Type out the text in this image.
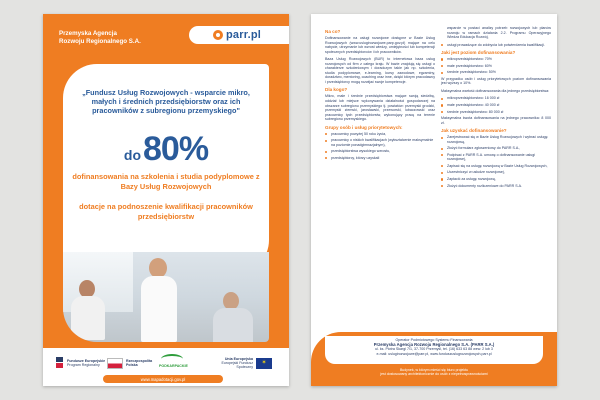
Przemyska Agencja
Rozwoju Regionalnego S.A.
parr.pl
„Fundusz Usług Rozwojowych - wsparcie mikro, małych i średnich przedsiębiorstw oraz ich pracowników z subregionu przemyskiego"
do80%
dofinansowania na szkolenia i studia podyplomowe z Bazy Usług Rozwojowych
dotacje na podnoszenie kwalifikacji pracowników przedsiębiorstw
Fundusze Europejskie
Program Regionalny
Rzeczpospolita Polska	PODKARPACKIE
Unia Europejska
Europejski Fundusz Społeczny
✶
www.mapadotacji.gov.pl
Na co?
Dofinansowanie na usługi rozwojowe dostępne w Bazie Usług Rozwojowych (www.uslugirozwojowe.parp.gov.pl) mające na celu nabycie, utrzymanie lub wzrost wiedzy, umiejętności lub kompetencji społecznych przedsiębiorców i ich pracowników.
Baza Usług Rozwojowych (BUR) to internetowa baza usług rozwojowych od firm z całego kraju. W bazie znajdują się usługi o charakterze szkoleniowym i doradczym takie jak np. szkolenia, studia podyplomowe, e-learning, kursy zawodowe, egzaminy, doradztwo, mentoring, coaching oraz inne, dzięki którym pracodawcy i przedsiębiorcy mogą rozwijać swoje kompetencje.
Dla kogo?
Mikro, małe i średnie przedsiębiorstwa mające swoją siedzibę, oddział lub miejsce wykonywania działalności gospodarczej na obszarze subregionu przemyskiego tj. powiatów: przemyski grodzki, przemyski ziemski, jarosławski, przeworski, lubaczowski oraz pracownicy tych przedsiębiorstw, wykonujący pracę na terenie subregionu przemyskiego.
Grupy osób i usług priorytetowych:
pracownicy powyżej 50 roku życia,
pracownicy o niskich kwalifikacjach (wykształcenie maksymalnie na poziomie ponadgimnazjalnym),
przedsiębiorstwa wysokiego wzrostu,
przedsiębiorcy, którzy uzyskali
wsparcie w postaci analizy potrzeb rozwojowych lub planów rozwoju w ramach działania 2.2. Programu Operacyjnego Wiedza Edukacja Rozwój,
usługi prowadzące do zdobycia lub potwierdzenia kwalifikacji.
Jaki jest poziom dofinansowania?
mikroprzedsiębiorstwo: 70%
małe przedsiębiorstwo: 60%
średnie przedsiębiorstwo: 50%
W przypadku osób i usług priorytetowych poziom dofinansowania jest wyższy o 10%.
Maksymalna wartość dofinansowania dla jednego przedsiębiorstwa:
mikroprzedsiębiorstwo: 16 000 zł
małe przedsiębiorstwo: 40 000 zł
średnie przedsiębiorstwo: 80 000 zł
Maksymalna kwota dofinansowania na jednego pracownika: 8 000 zł.
Jak uzyskać dofinansowanie?
Zarejestrować się w Bazie Usług Rozwojowych i wybrać usługę rozwojową,
Złożyć formularz zgłoszeniowy do PARR S.A.,
Podpisać z PARR S.A. umowę o dofinansowanie usługi rozwojowej,
Zapisać się na usługę rozwojową w Bazie Usług Rozwojowych,
Uczestniczyć w usłudze rozwojowej,
Zapłacić za usługę rozwojową,
Złożyć dokumenty rozliczeniowe do PARR S.A.
Operator Podmiotowego Systemu Finansowania
Przemyska Agencja Rozwoju Regionalnego S.A. (PARR S.A.)
ul. ks. Piotra Skargi 7/1, 37-700 Przemyśl, tel. (16) 633 63 88 wew. 2 lub 3
e-mail: uslugirozwojowe@parr.pl, www.funduszuslugrozwojowych.parr.pl
Budynek, w którym mieści się biuro projektu
jest dostosowany architektonicznie do osób z niepełnosprawnościami
